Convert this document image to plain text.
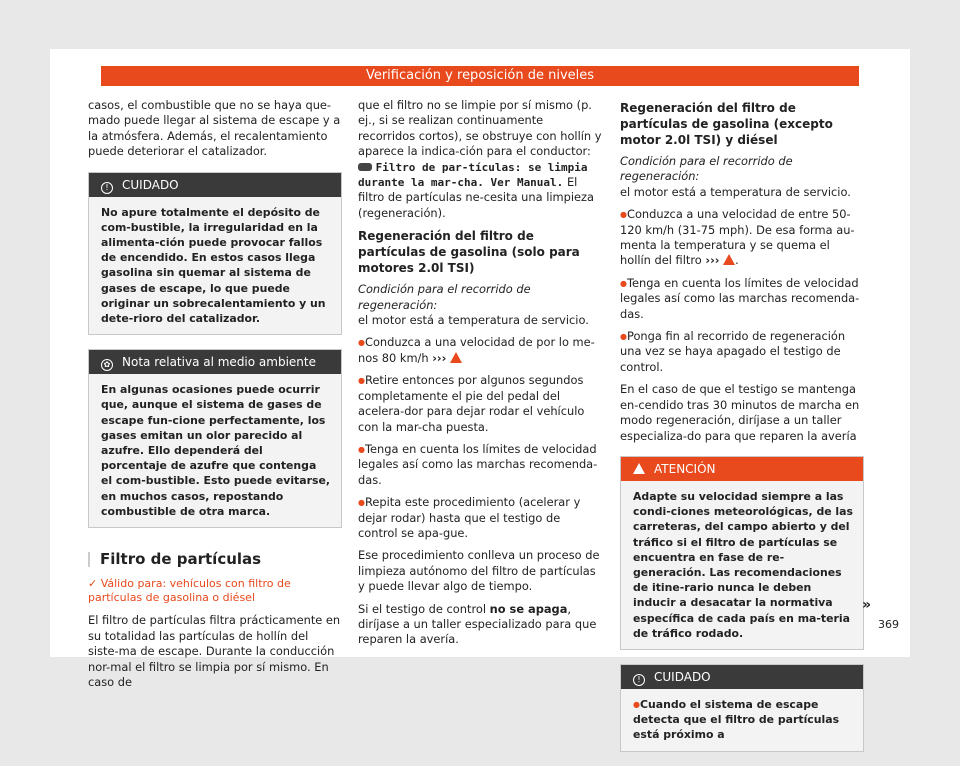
Verificación y reposición de niveles

casos, el combustible que no se haya que-mado puede llegar al sistema de escape y a la atmósfera. Además, el recalentamiento puede deteriorar el catalizador.

! CUIDADO
No apure totalmente el depósito de com-bustible, la irregularidad en la alimenta-ción puede provocar fallos de encendido. En estos casos llega gasolina sin quemar al sistema de gases de escape, lo que puede originar un sobrecalentamiento y un dete-rioro del catalizador.
✿ Nota relativa al medio ambiente
En algunas ocasiones puede ocurrir que, aunque el sistema de gases de escape fun-cione perfectamente, los gases emitan un olor parecido al azufre. Ello dependerá del porcentaje de azufre que contenga el com-bustible. Esto puede evitarse, en muchos casos, repostando combustible de otra marca.
Filtro de partículas
✓ Válido para: vehículos con filtro de partículas de gasolina o diésel

El filtro de partículas filtra prácticamente en su totalidad las partículas de hollín del siste-ma de escape. Durante la conducción nor-mal el filtro se limpia por sí mismo. En caso de

que el filtro no se limpie por sí mismo (p. ej., si se realizan continuamente recorridos cortos), se obstruye con hollín y aparece la indica-ción para el conductor:  Filtro de par-tículas: se limpia durante la mar-cha. Ver Manual. El filtro de partículas ne-cesita una limpieza (regeneración).

Regeneración del filtro de partículas de gasolina (solo para motores 2.0l TSI)

Condición para el recorrido de regeneración:
el motor está a temperatura de servicio.

● Conduzca a una velocidad de por lo me-nos 80 km/h ›››

● Retire entonces por algunos segundos completamente el pie del pedal del acelera-dor para dejar rodar el vehículo con la mar-cha puesta.

● Tenga en cuenta los límites de velocidad legales así como las marchas recomenda-das.

● Repita este procedimiento (acelerar y dejar rodar) hasta que el testigo de control se apa-gue.

Ese procedimiento conlleva un proceso de limpieza autónomo del filtro de partículas y puede llevar algo de tiempo.

Si el testigo de control no se apaga, diríjase a un taller especializado para que reparen la avería.

Regeneración del filtro de partículas de gasolina (excepto motor 2.0l TSI) y diésel

Condición para el recorrido de regeneración:
el motor está a temperatura de servicio.

● Conduzca a una velocidad de entre 50-120 km/h (31-75 mph). De esa forma au-menta la temperatura y se quema el hollín del filtro ››› .

● Tenga en cuenta los límites de velocidad legales así como las marchas recomenda-das.

● Ponga fin al recorrido de regeneración una vez se haya apagado el testigo de control.

En el caso de que el testigo se mantenga en-cendido tras 30 minutos de marcha en modo regeneración, diríjase a un taller especializa-do para que reparen la avería

ATENCIÓN
Adapte su velocidad siempre a las condi-ciones meteorológicas, de las carreteras, del campo abierto y del tráfico si el filtro de partículas se encuentra en fase de re-generación. Las recomendaciones de itine-rario nunca le deben inducir a desacatar la normativa específica de cada país en ma-teria de tráfico rodado.
! CUIDADO
● Cuando el sistema de escape detecta que el filtro de partículas está próximo a
»
369
